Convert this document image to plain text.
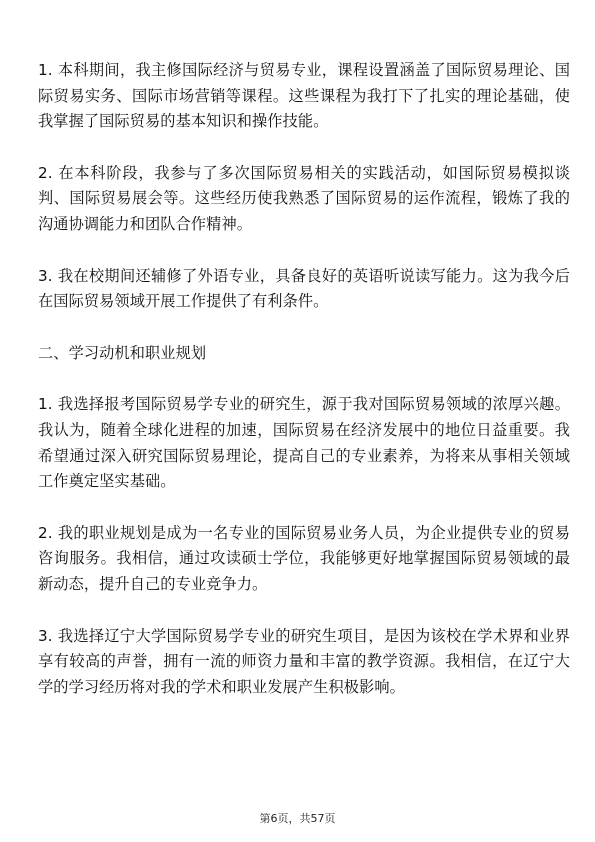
1. 本科期间，我主修国际经济与贸易专业，课程设置涵盖了国际贸易理论、国际贸易实务、国际市场营销等课程。这些课程为我打下了扎实的理论基础，使我掌握了国际贸易的基本知识和操作技能。

2. 在本科阶段，我参与了多次国际贸易相关的实践活动，如国际贸易模拟谈判、国际贸易展会等。这些经历使我熟悉了国际贸易的运作流程，锻炼了我的沟通协调能力和团队合作精神。

3. 我在校期间还辅修了外语专业，具备良好的英语听说读写能力。这为我今后在国际贸易领域开展工作提供了有利条件。

二、学习动机和职业规划

1. 我选择报考国际贸易学专业的研究生，源于我对国际贸易领域的浓厚兴趣。我认为，随着全球化进程的加速，国际贸易在经济发展中的地位日益重要。我希望通过深入研究国际贸易理论，提高自己的专业素养，为将来从事相关领域工作奠定坚实基础。

2. 我的职业规划是成为一名专业的国际贸易业务人员，为企业提供专业的贸易咨询服务。我相信，通过攻读硕士学位，我能够更好地掌握国际贸易领域的最新动态，提升自己的专业竞争力。

3. 我选择辽宁大学国际贸易学专业的研究生项目，是因为该校在学术界和业界享有较高的声誉，拥有一流的师资力量和丰富的教学资源。我相信，在辽宁大学的学习经历将对我的学术和职业发展产生积极影响。

第6页，共57页
